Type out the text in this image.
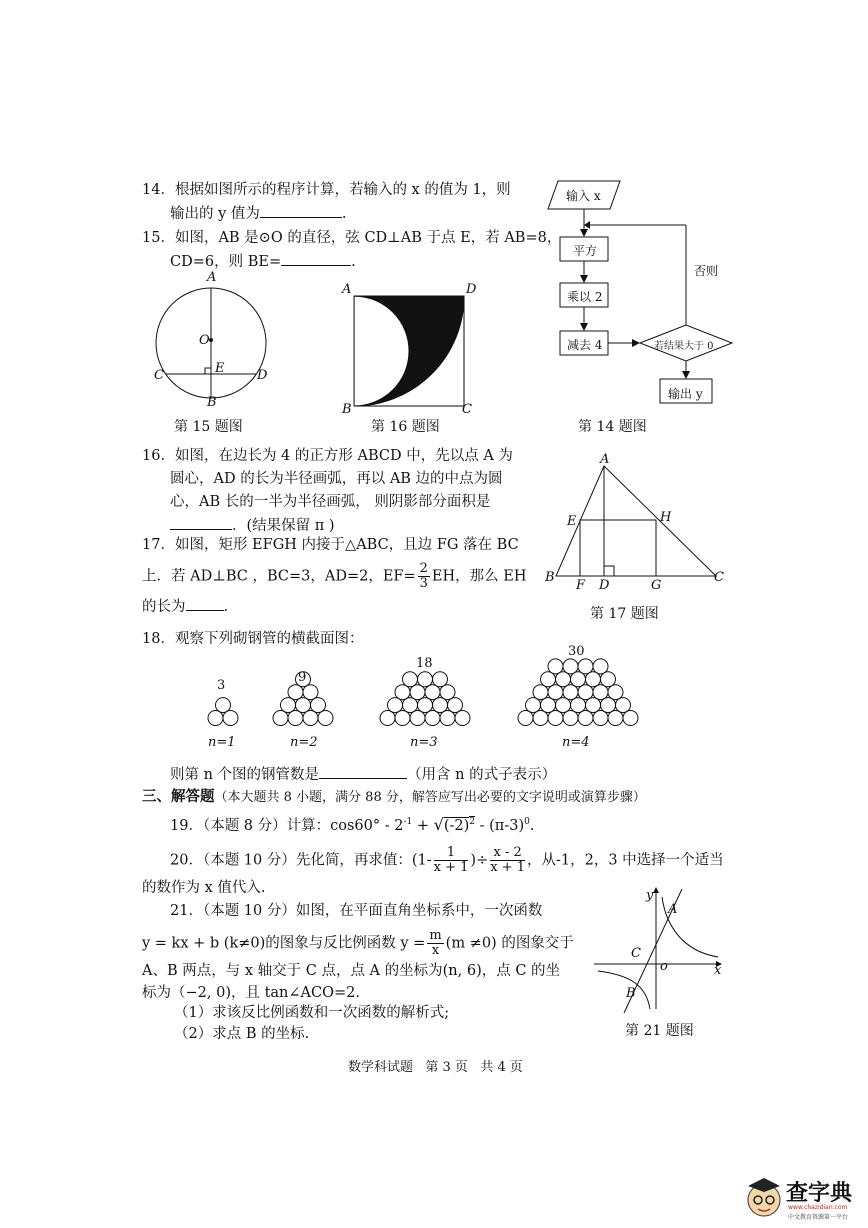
14．根据如图所示的程序计算，若输入的 x 的值为 1，则
输出的 y 值为	.
15．如图，AB 是⊙O 的直径，弦 CD⊥AB 于点 E，若 AB=8，
CD=6，则 BE=	.
输入 x
平方
乘以 2
减去 4	若结果大于 0
否则
输出 y
第 14 题图
A
O
E
C	D
B
第 15 题图
A	D
B	C
第 16 题图
16．如图，在边长为 4 的正方形 ABCD 中，先以点 A 为
圆心，AD 的长为半径画弧，再以 AB 边的中点为圆
心，AB 长的一半为半径画弧， 则阴影部分面积是
．(结果保留 π )
A
E	H
B
F D	G
C
第 17 题图
17．如图，矩形 EFGH 内接于△ABC，且边 FG 落在 BC
上．若 AD⊥BC ，BC=3，AD=2，$EF= \frac{2}{3}$ EH，那么 EH
的长为	.
18．观察下列砌钢管的横截面图：
3
9
18
30
n=1	n=2	n=3	n=4
则第 n 个图的钢管数是	（用含 n 的式子表示）
三、解答题（本大题共 8 小题，满分 88 分，解答应写出必要的文字说明或演算步骤）
19．（本题 8 分）计算：$\cos 60^\circ - 2^{-1} + √(-2)^2 - (\pi-3)^0$.
20．（本题 10 分）先化简，再求值：($1- \frac{1}{x + 1}$ )÷ $\frac{x - 2}{x + 1}$ ，从-1，2，3 中选择一个适当
的数作为 x 值代入.
21．（本题 10 分）如图，在平面直角坐标系中，一次函数
y = kx + b (k≠0)的图象与反比例函数 $y = \frac{m}{x} (m \ne 0)$ 的图象交于
A、B 两点，与 x 轴交于 C 点，点 A 的坐标为(n, 6)，点 C 的坐
标为（−2, 0)，且 tan∠ACO=2.
（1）求该反比例函数和一次函数的解析式;
（2）求点 B 的坐标.
y
A
C
o	x
B
第 21 题图
数学科试题   第 3 页   共 4 页
查字典
www.chazidian.com
中文教育资源第一平台
